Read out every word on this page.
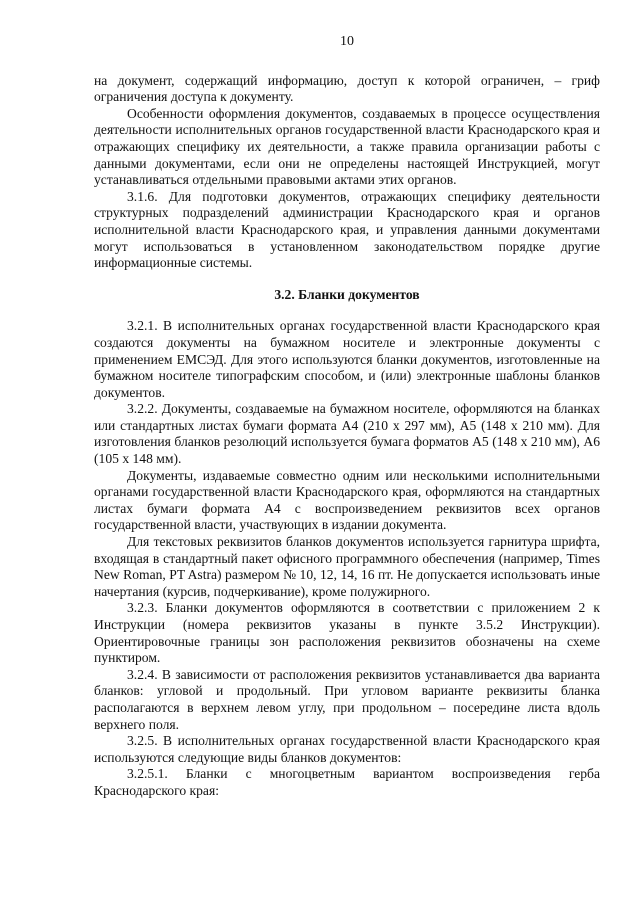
10

на документ, содержащий информацию, доступ к которой ограничен, – гриф ограничения доступа к документу.

Особенности оформления документов, создаваемых в процессе осуществления деятельности исполнительных органов государственной власти Краснодарского края и отражающих специфику их деятельности, а также правила организации работы с данными документами, если они не определены настоящей Инструкцией, могут устанавливаться отдельными правовыми актами этих органов.

3.1.6. Для подготовки документов, отражающих специфику деятельности структурных подразделений администрации Краснодарского края и органов исполнительной власти Краснодарского края, и управления данными документами могут использоваться в установленном законодательством порядке другие информационные системы.

3.2. Бланки документов

3.2.1. В исполнительных органах государственной власти Краснодарского края создаются документы на бумажном носителе и электронные документы с применением ЕМСЭД. Для этого используются бланки документов, изготовленные на бумажном носителе типографским способом, и (или) электронные шаблоны бланков документов.

3.2.2. Документы, создаваемые на бумажном носителе, оформляются на бланках или стандартных листах бумаги формата А4 (210 х 297 мм), А5 (148 х 210 мм). Для изготовления бланков резолюций используется бумага форматов А5 (148 х 210 мм), А6 (105 х 148 мм).

Документы, издаваемые совместно одним или несколькими исполнительными органами государственной власти Краснодарского края, оформляются на стандартных листах бумаги формата А4 с воспроизведением реквизитов всех органов государственной власти, участвующих в издании документа.

Для текстовых реквизитов бланков документов используется гарнитура шрифта, входящая в стандартный пакет офисного программного обеспечения (например, Times New Roman, PT Astra) размером № 10, 12, 14, 16 пт. Не допускается использовать иные начертания (курсив, подчеркивание), кроме полужирного.

3.2.3. Бланки документов оформляются в соответствии с приложением 2 к Инструкции (номера реквизитов указаны в пункте 3.5.2 Инструкции). Ориентировочные границы зон расположения реквизитов обозначены на схеме пунктиром.

3.2.4. В зависимости от расположения реквизитов устанавливается два варианта бланков: угловой и продольный. При угловом варианте реквизиты бланка располагаются в верхнем левом углу, при продольном – посередине листа вдоль верхнего поля.

3.2.5. В исполнительных органах государственной власти Краснодарского края используются следующие виды бланков документов:

3.2.5.1. Бланки с многоцветным вариантом воспроизведения герба Краснодарского края:
